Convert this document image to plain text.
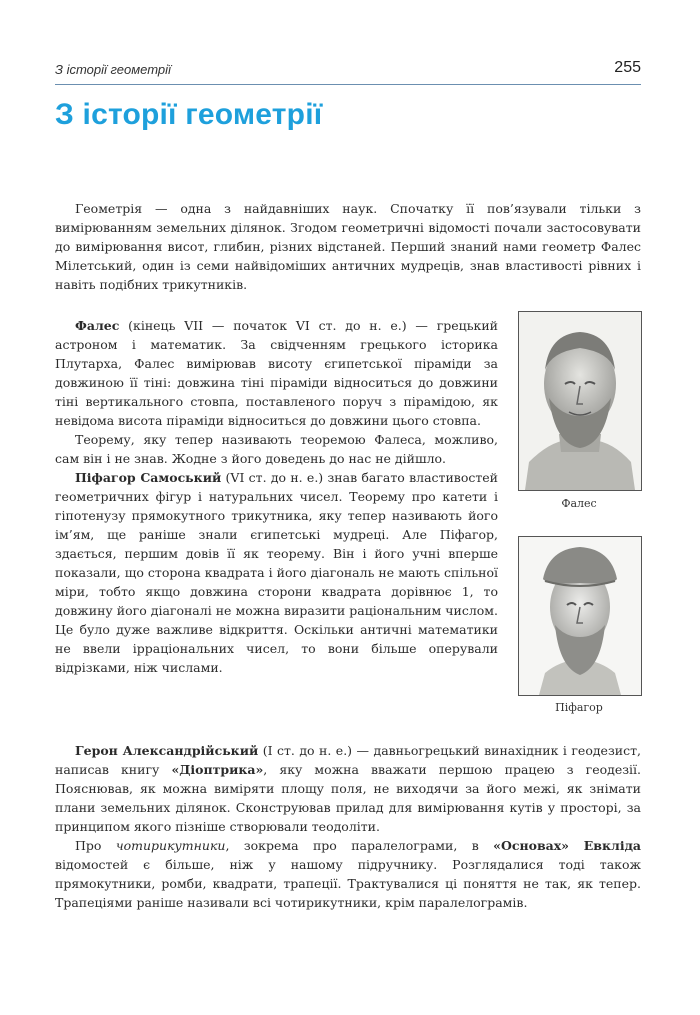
З історії геометрії	255
З історії геометрії

Геометрія — одна з найдавніших наук. Спочатку її пов’язували тільки з вимірюванням земельних ділянок. Згодом геометричні відомості почали застосовувати до вимірювання висот, глибин, різних відстаней. Перший знаний нами геометр Фалес Мілетський, один із семи найвідоміших античних мудреців, знав властивості рівних і навіть подібних трикутників.

Фалес (кінець VII — початок VI ст. до н. е.) — грецький астроном і математик. За свідченням грецького історика Плутарха, Фалес вимірював висоту єгипетської піраміди за довжиною її тіні: довжина тіні піраміди відноситься до довжини тіні вертикального стовпа, поставленого поруч з пірамідою, як невідома висота піраміди відноситься до довжини цього стовпа.

Теорему, яку тепер називають теоремою Фалеса, можливо, сам він і не знав. Жодне з його доведень до нас не дійшло.

Піфагор Самоський (VI ст. до н. е.) знав багато властивостей геометричних фігур і натуральних чисел. Теорему про катети і гіпотенузу прямокутного трикутника, яку тепер називають його ім’ям, ще раніше знали єгипетські мудреці. Але Піфагор, здається, першим довів її як теорему. Він і його учні вперше показали, що сторона квадрата і його діагональ не мають спільної міри, тобто якщо довжина сторони квадрата дорівнює 1, то довжину його діагоналі не можна виразити раціональним числом. Це було дуже важливе відкриття. Оскільки античні математики не ввели ірраціональних чисел, то вони більше оперували відрізками, ніж числами.

Герон Александрійський (I ст. до н. е.) — давньогрецький винахідник і геодезист, написав книгу «Діоптрика», яку можна вважати першою працею з геодезії. Пояснював, як можна виміряти площу поля, не виходячи за його межі, як знімати плани земельних ділянок. Сконструював прилад для вимірювання кутів у просторі, за принципом якого пізніше створювали теодоліти.

Про чотирикутники, зокрема про паралелограми, в «Основах» Евкліда відомостей є більше, ніж у нашому підручнику. Розглядалися тоді також прямокутники, ромби, квадрати, трапеції. Трактувалися ці поняття не так, як тепер. Трапеціями раніше називали всі чотирикутники, крім паралелограмів.

Фалес
Піфагор
